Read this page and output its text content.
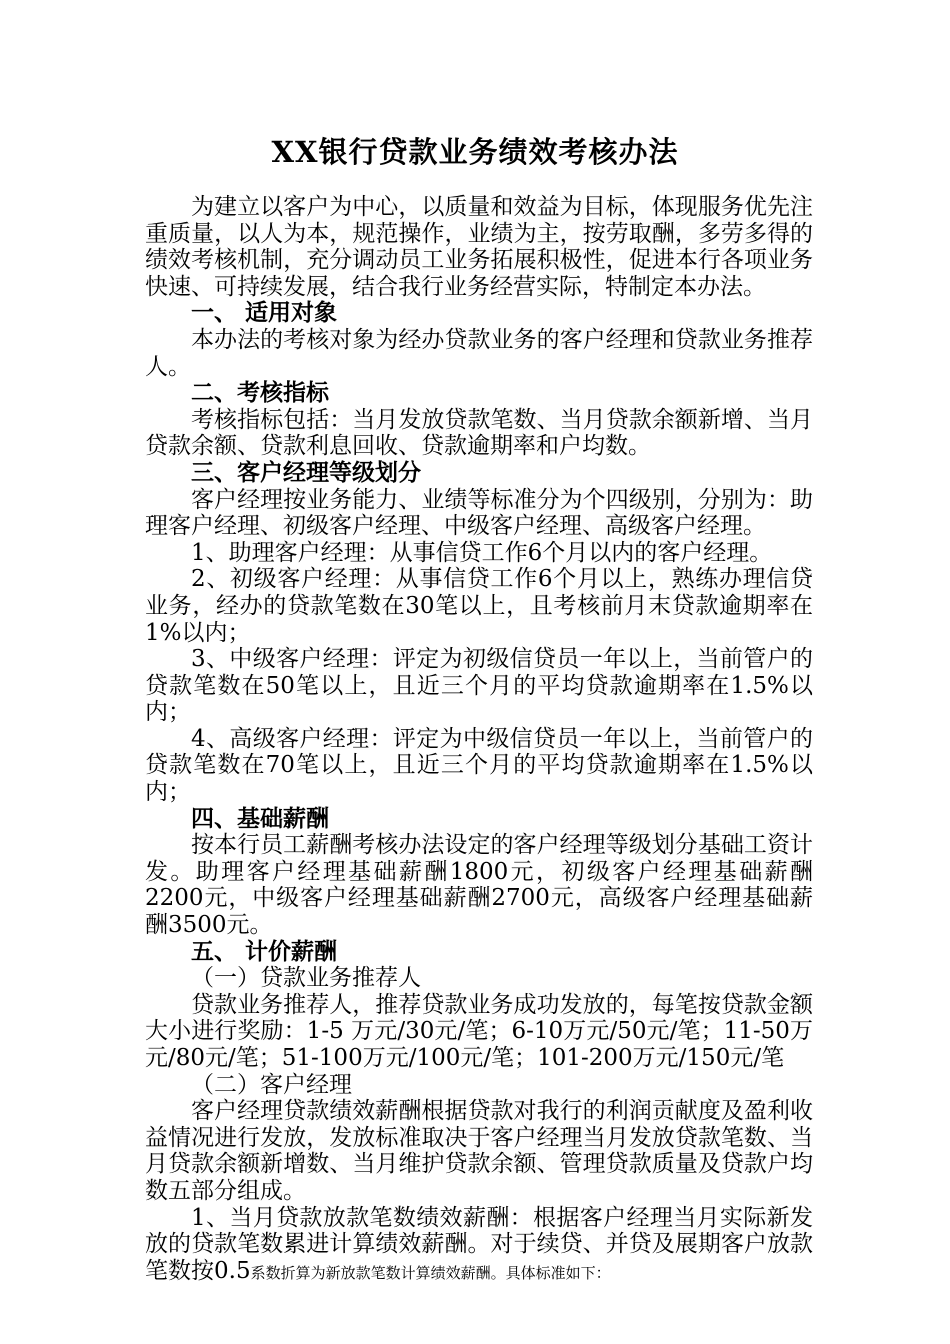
XX银行贷款业务绩效考核办法

为建立以客户为中心，以质量和效益为目标，体现服务优先注重质量，以人为本，规范操作，业绩为主，按劳取酬，多劳多得的绩效考核机制，充分调动员工业务拓展积极性，促进本行各项业务快速、可持续发展，结合我行业务经营实际，特制定本办法。

一、 适用对象

本办法的考核对象为经办贷款业务的客户经理和贷款业务推荐人。

二、考核指标

考核指标包括：当月发放贷款笔数、当月贷款余额新增、当月贷款余额、贷款利息回收、贷款逾期率和户均数。

三、客户经理等级划分

客户经理按业务能力、业绩等标准分为个四级别，分别为：助理客户经理、初级客户经理、中级客户经理、高级客户经理。

1、助理客户经理：从事信贷工作6个月以内的客户经理。

2、初级客户经理：从事信贷工作6个月以上，熟练办理信贷业务，经办的贷款笔数在30笔以上，且考核前月末贷款逾期率在1%以内；

3、中级客户经理：评定为初级信贷员一年以上，当前管户的贷款笔数在50笔以上，且近三个月的平均贷款逾期率在1.5%以内；

4、高级客户经理：评定为中级信贷员一年以上，当前管户的贷款笔数在70笔以上，且近三个月的平均贷款逾期率在1.5%以内；

四、基础薪酬

按本行员工薪酬考核办法设定的客户经理等级划分基础工资计发。助理客户经理基础薪酬1800元，初级客户经理基础薪酬2200元，中级客户经理基础薪酬2700元，高级客户经理基础薪酬3500元。

五、 计价薪酬

（一）贷款业务推荐人

贷款业务推荐人，推荐贷款业务成功发放的，每笔按贷款金额大小进行奖励：1-5 万元/30元/笔；6-10万元/50元/笔；11-50万元/80元/笔；51-100万元/100元/笔；101-200万元/150元/笔

（二）客户经理

客户经理贷款绩效薪酬根据贷款对我行的利润贡献度及盈利收益情况进行发放，发放标准取决于客户经理当月发放贷款笔数、当月贷款余额新增数、当月维护贷款余额、管理贷款质量及贷款户均数五部分组成。

1、当月贷款放款笔数绩效薪酬：根据客户经理当月实际新发放的贷款笔数累进计算绩效薪酬。对于续贷、并贷及展期客户放款笔数按0.5系数折算为新放款笔数计算绩效薪酬。具体标准如下：
